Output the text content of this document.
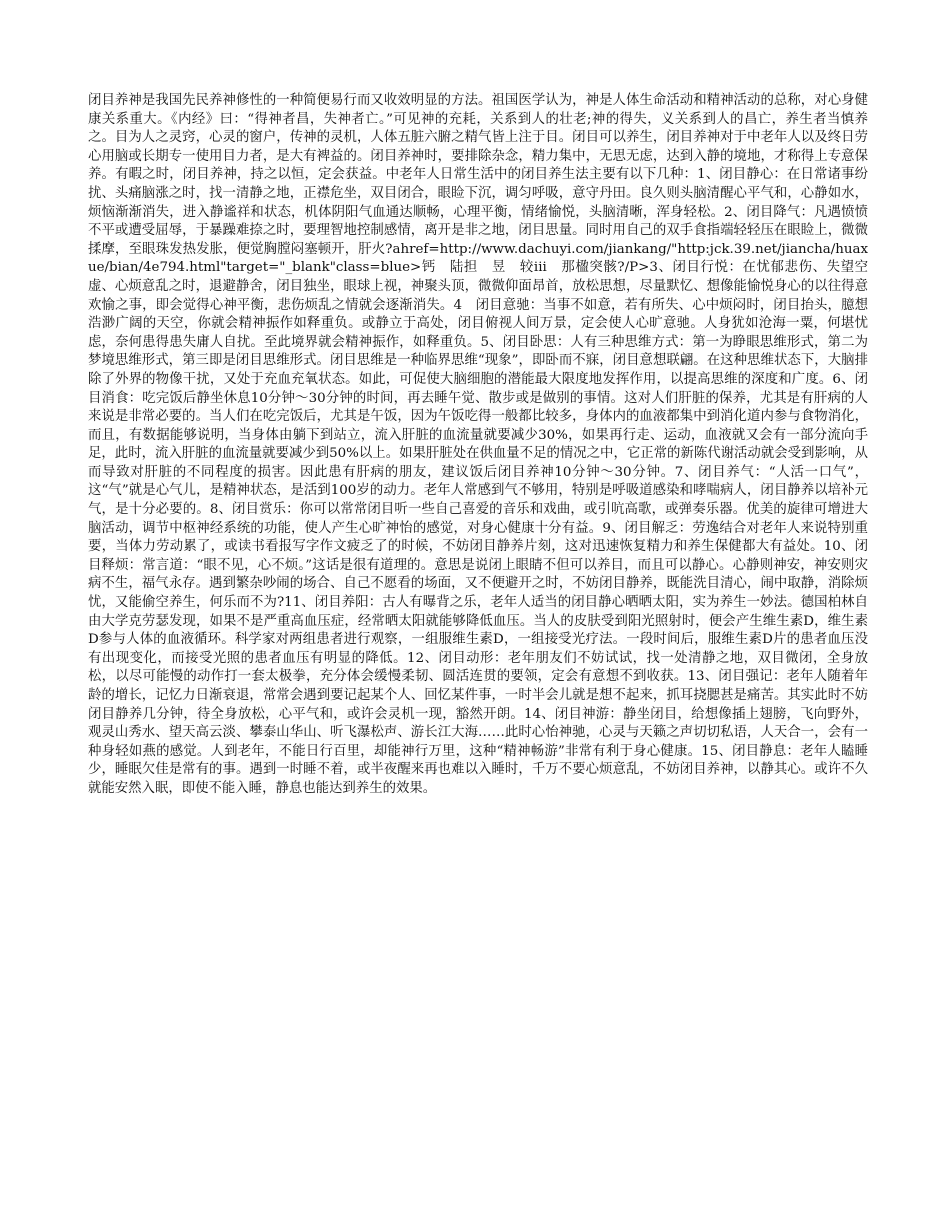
闭目养神是我国先民养神修性的一种简便易行而又收效明显的方法。祖国医学认为，神是人体生命活动和精神活动的总称，对心身健康关系重大。《内经》曰：“得神者昌，失神者亡。”可见神的充耗，关系到人的壮老;神的得失，义关系到人的昌亡，养生者当慎养之。目为人之灵窍，心灵的窗户，传神的灵机，人体五脏六腑之精气皆上注于目。闭目可以养生，闭目养神对于中老年人以及终日劳心用脑或长期专一使用目力者，是大有裨益的。闭目养神时，要排除杂念，精力集中，无思无虑，达到入静的境地，才称得上专意保养。有暇之时，闭目养神，持之以恒，定会获益。中老年人日常生活中的闭目养生法主要有以下几种：1、闭目静心：在日常诸事纷扰、头痛脑涨之时，找一清静之地，正襟危坐，双目闭合，眼睑下沉，调匀呼吸，意守丹田。良久则头脑清醒心平气和，心静如水，烦恼渐渐消失，进入静谧祥和状态，机体阴阳气血通达顺畅，心理平衡，情绪愉悦，头脑清晰，浑身轻松。2、闭目降气：凡遇愤愤不平或遭受屈辱，于暴躁难捺之时，要理智地控制感情，离开是非之地，闭目思量。同时用自己的双手食指端轻轻压在眼睑上，微微揉摩，至眼珠发热发胀，便觉胸膛闷塞顿开，肝火?ahref=http://www.dachuyi.com/jiankang/"http:jck.39.net/jiancha/huaxue/bian/4e794.html"target="_blank"class=blue>钙　陆担　昱　较iii　那楹突骸?/P>3、闭目行悦：在忧郁悲伤、失望空虚、心烦意乱之时，退避静舍，闭目独坐，眼球上视，神聚头顶，微微仰面昂首，放松思想，尽量默忆、想像能愉悦身心的以往得意欢愉之事，即会觉得心神平衡，悲伤烦乱之情就会逐渐消失。4　闭目意驰：当事不如意，若有所失、心中烦闷时，闭目抬头，臆想浩渺广阔的天空，你就会精神振作如释重负。或静立于高处，闭目俯视人间万景，定会使人心旷意驰。人身犹如沧海一粟，何堪忧虑，奈何患得患失庸人自扰。至此境界就会精神振作，如释重负。5、闭目卧思：人有三种思维方式：第一为睁眼思维形式，第二为梦境思维形式，第三即是闭目思维形式。闭目思维是一种临界思维“现象”，即卧而不寐，闭目意想联翩。在这种思维状态下，大脑排除了外界的物像干扰，又处于充血充氧状态。如此，可促使大脑细胞的潜能最大限度地发挥作用，以提高思维的深度和广度。6、闭目消食：吃完饭后静坐休息10分钟～30分钟的时间，再去睡午觉、散步或是做别的事情。这对人们肝脏的保养，尤其是有肝病的人来说是非常必要的。当人们在吃完饭后，尤其是午饭，因为午饭吃得一般都比较多，身体内的血液都集中到消化道内参与食物消化，而且，有数据能够说明，当身体由躺下到站立，流入肝脏的血流量就要减少30%，如果再行走、运动，血液就又会有一部分流向手足，此时，流入肝脏的血流量就要减少到50%以上。如果肝脏处在供血量不足的情况之中，它正常的新陈代谢活动就会受到影响，从而导致对肝脏的不同程度的损害。因此患有肝病的朋友，建议饭后闭目养神10分钟～30分钟。7、闭目养气：“人活一口气”，这“气”就是心气儿，是精神状态，是活到100岁的动力。老年人常感到气不够用，特别是呼吸道感染和哮喘病人，闭目静养以培补元气，是十分必要的。8、闭目赏乐：你可以常常闭目听一些自己喜爱的音乐和戏曲，或引吭高歌，或弹奏乐器。优美的旋律可增进大脑活动，调节中枢神经系统的功能，使人产生心旷神怡的感觉，对身心健康十分有益。9、闭目解乏：劳逸结合对老年人来说特别重要，当体力劳动累了，或读书看报写字作文疲乏了的时候，不妨闭目静养片刻，这对迅速恢复精力和养生保健都大有益处。10、闭目释烦：常言道：“眼不见，心不烦。”这话是很有道理的。意思是说闭上眼睛不但可以养目，而且可以静心。心静则神安，神安则灾病不生，福气永存。遇到繁杂吵闹的场合、自己不愿看的场面，又不便避开之时，不妨闭目静养，既能洗目清心，闹中取静，消除烦忧，又能偷空养生，何乐而不为?11、闭目养阳：古人有曝背之乐，老年人适当的闭目静心晒晒太阳，实为养生一妙法。德国柏林自由大学克劳瑟发现，如果不是严重高血压症，经常晒太阳就能够降低血压。当人的皮肤受到阳光照射时，便会产生维生素D，维生素D参与人体的血液循环。科学家对两组患者进行观察，一组服维生素D，一组接受光疗法。一段时间后，服维生素D片的患者血压没有出现变化，而接受光照的患者血压有明显的降低。12、闭目动形：老年朋友们不妨试试，找一处清静之地，双目微闭，全身放松，以尽可能慢的动作打一套太极拳，充分体会缓慢柔韧、圆活连贯的要领，定会有意想不到收获。13、闭目强记：老年人随着年龄的增长，记忆力日渐衰退，常常会遇到要记起某个人、回忆某件事，一时半会儿就是想不起来，抓耳挠腮甚是痛苦。其实此时不妨闭目静养几分钟，待全身放松，心平气和，或许会灵机一现，豁然开朗。14、闭目神游：静坐闭目，给想像插上翅膀，飞向野外，观灵山秀水、望天高云淡、攀泰山华山、听飞瀑松声、游长江大海……此时心怡神驰，心灵与天籁之声切切私语，人天合一，会有一种身轻如燕的感觉。人到老年，不能日行百里，却能神行万里，这种“精神畅游”非常有利于身心健康。15、闭目静息：老年人瞌睡少，睡眠欠佳是常有的事。遇到一时睡不着，或半夜醒来再也难以入睡时，千万不要心烦意乱，不妨闭目养神，以静其心。或许不久就能安然入眠，即使不能入睡，静息也能达到养生的效果。
